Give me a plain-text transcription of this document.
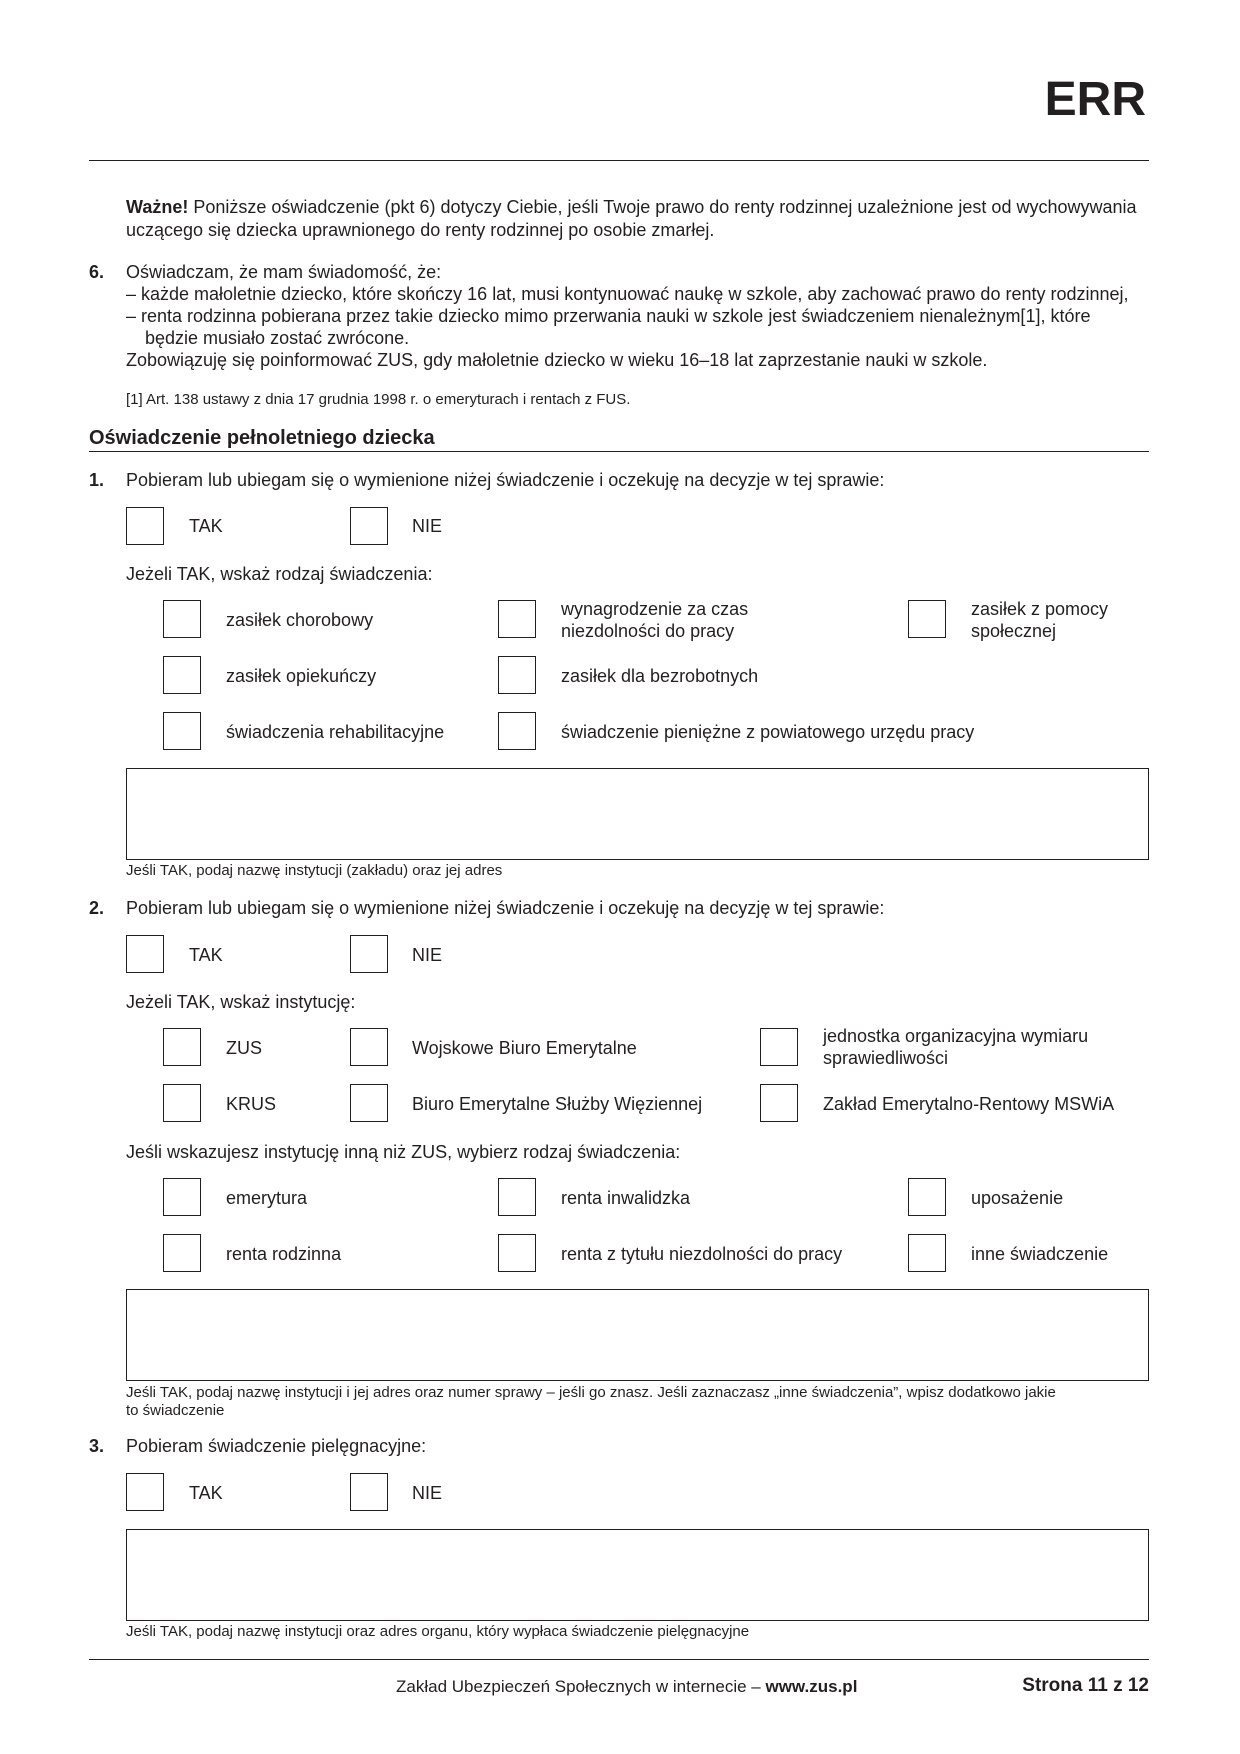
ERR
Ważne! Poniższe oświadczenie (pkt 6) dotyczy Ciebie, jeśli Twoje prawo do renty rodzinnej uzależnione jest od wychowywania
uczącego się dziecka uprawnionego do renty rodzinnej po osobie zmarłej.
6. Oświadczam, że mam świadomość, że:
– każde małoletnie dziecko, które skończy 16 lat, musi kontynuować naukę w szkole, aby zachować prawo do renty rodzinnej,
– renta rodzinna pobierana przez takie dziecko mimo przerwania nauki w szkole jest świadczeniem nienależnym[1], które
będzie musiało zostać zwrócone.
Zobowiązuję się poinformować ZUS, gdy małoletnie dziecko w wieku 16–18 lat zaprzestanie nauki w szkole.
[1] Art. 138 ustawy z dnia 17 grudnia 1998 r. o emeryturach i rentach z FUS.
Oświadczenie pełnoletniego dziecka
1. Pobieram lub ubiegam się o wymienione niżej świadczenie i oczekuję na decyzje w tej sprawie:
TAK	NIE
Jeżeli TAK, wskaż rodzaj świadczenia:
zasiłek chorobowy
wynagrodzenie za czas
niezdolności do pracy
zasiłek z pomocy
społecznej
zasiłek opiekuńczy	zasiłek dla bezrobotnych
świadczenia rehabilitacyjne	świadczenie pieniężne z powiatowego urzędu pracy
Jeśli TAK, podaj nazwę instytucji (zakładu) oraz jej adres
2. Pobieram lub ubiegam się o wymienione niżej świadczenie i oczekuję na decyzję w tej sprawie:
TAK	NIE
Jeżeli TAK, wskaż instytucję:
ZUS	Wojskowe Biuro Emerytalne
jednostka organizacyjna wymiaru
sprawiedliwości
KRUS	Biuro Emerytalne Służby Więziennej	Zakład Emerytalno-Rentowy MSWiA
Jeśli wskazujesz instytucję inną niż ZUS, wybierz rodzaj świadczenia:
emerytura	renta inwalidzka	uposażenie
renta rodzinna	renta z tytułu niezdolności do pracy	inne świadczenie
Jeśli TAK, podaj nazwę instytucji i jej adres oraz numer sprawy – jeśli go znasz. Jeśli zaznaczasz „inne świadczenia”, wpisz dodatkowo jakie
to świadczenie
3. Pobieram świadczenie pielęgnacyjne:
TAK	NIE
Jeśli TAK, podaj nazwę instytucji oraz adres organu, który wypłaca świadczenie pielęgnacyjne
Zakład Ubezpieczeń Społecznych w internecie – www.zus.pl	Strona 11 z 12
